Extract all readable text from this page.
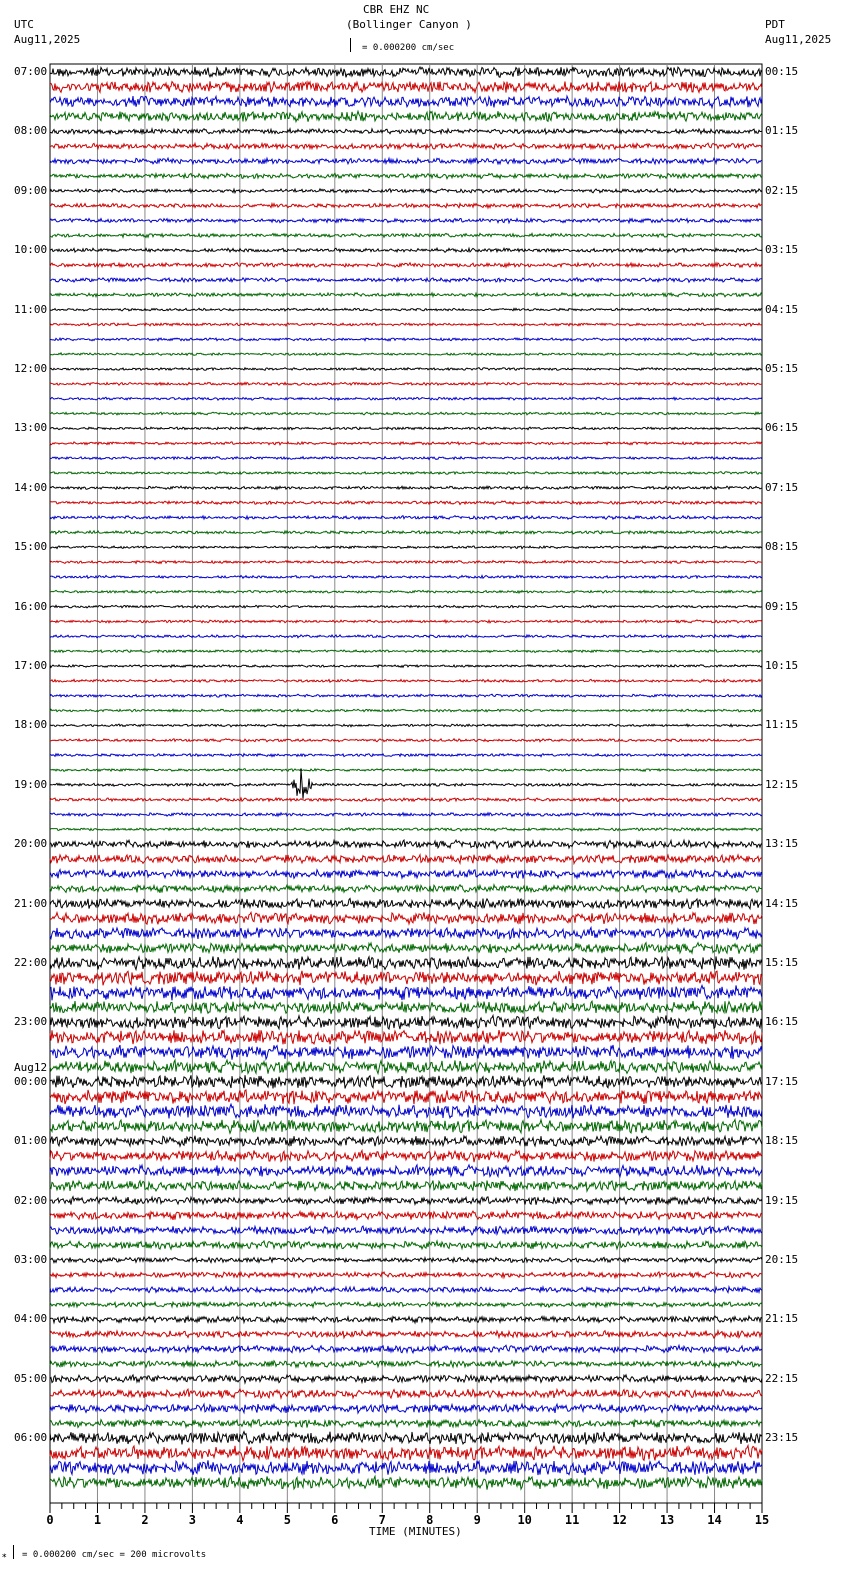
CBR EHZ NC
(Bollinger Canyon )
UTC
Aug11,2025
PDT
Aug11,2025
= 0.000200 cm/sec
TIME (MINUTES)
⁎ = 0.000200 cm/sec = 200 microvolts
07:00	00:15
08:00	01:15
09:00	02:15
10:00	03:15
11:00	04:15
12:00	05:15
13:00	06:15
14:00	07:15
15:00	08:15
16:00	09:15
17:00	10:15
18:00	11:15
19:00	12:15
20:00	13:15
21:00	14:15
22:00	15:15
23:00	16:15
00:00	17:15
Aug12
01:00	18:15
02:00	19:15
03:00	20:15
04:00	21:15
05:00	22:15
06:00	23:15
0	1	2	3	4	5	6	7	8	9	10	11	12	13	14	15
